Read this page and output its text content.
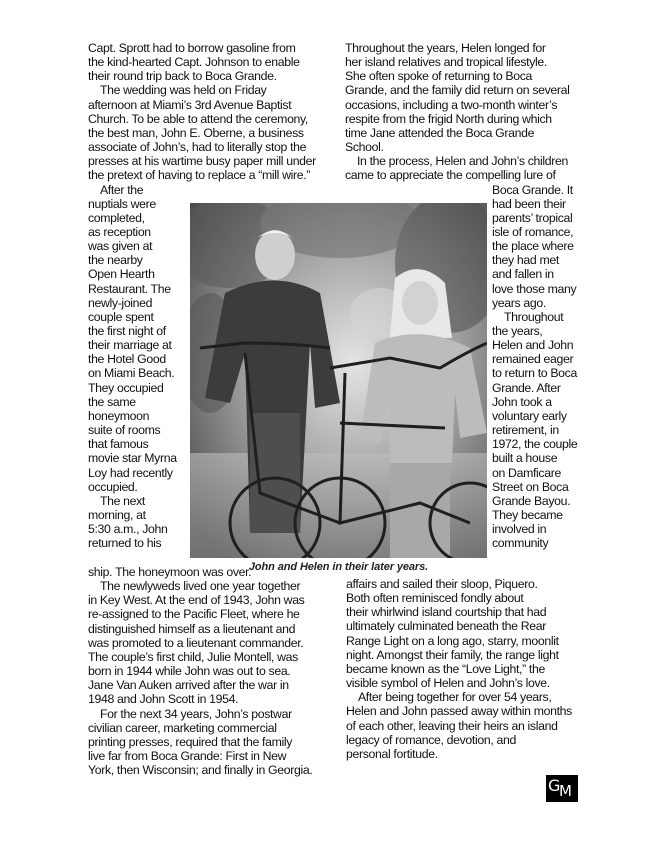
Capt. Sprott had to borrow gasoline from
the kind-hearted Capt. Johnson to enable
their round trip back to Boca Grande.
 The wedding was held on Friday
afternoon at Miami’s 3rd Avenue Baptist
Church. To be able to attend the ceremony,
the best man, John E. Oberne, a business
associate of John’s, had to literally stop the
presses at his wartime busy paper mill under
the pretext of having to replace a “mill wire.”
 After the
nuptials were
completed,
as reception
was given at
the nearby
Open Hearth
Restaurant. The
newly-joined
couple spent
the first night of
their marriage at
the Hotel Good
on Miami Beach.
They occupied
the same
honeymoon
suite of rooms
that famous
movie star Myrna
Loy had recently
occupied.
 The next
morning, at
5:30 a.m., John
returned to his
ship. The honeymoon was over.
 The newlyweds lived one year together
in Key West. At the end of 1943, John was
re-assigned to the Pacific Fleet, where he
distinguished himself as a lieutenant and
was promoted to a lieutenant commander.
The couple’s first child, Julie Montell, was
born in 1944 while John was out to sea.
Jane Van Auken arrived after the war in
1948 and John Scott in 1954.
 For the next 34 years, John’s postwar
civilian career, marketing commercial
printing presses, required that the family
live far from Boca Grande: First in New
York, then Wisconsin; and finally in Georgia.
Throughout the years, Helen longed for
her island relatives and tropical lifestyle.
She often spoke of returning to Boca
Grande, and the family did return on several
occasions, including a two-month winter’s
respite from the frigid North during which
time Jane attended the Boca Grande
School.
 In the process, Helen and John’s children
came to appreciate the compelling lure of
Boca Grande. It
had been their
parents’ tropical
isle of romance,
the place where
they had met
and fallen in
love those many
years ago.
 Throughout
the years,
Helen and John
remained eager
to return to Boca
Grande. After
John took a
voluntary early
retirement, in
1972, the couple
built a house
on Damficare
Street on Boca
Grande Bayou.
They became
involved in
community
affairs and sailed their sloop, Piquero.
Both often reminisced fondly about
their whirlwind island courtship that had
ultimately culminated beneath the Rear
Range Light on a long ago, starry, moonlit
night. Amongst their family, the range light
became known as the “Love Light,” the
visible symbol of Helen and John’s love.
 After being together for over 54 years,
Helen and John passed away within months
of each other, leaving their heirs an island
legacy of romance, devotion, and
personal fortitude.
John and Helen in their later years.
G
M
